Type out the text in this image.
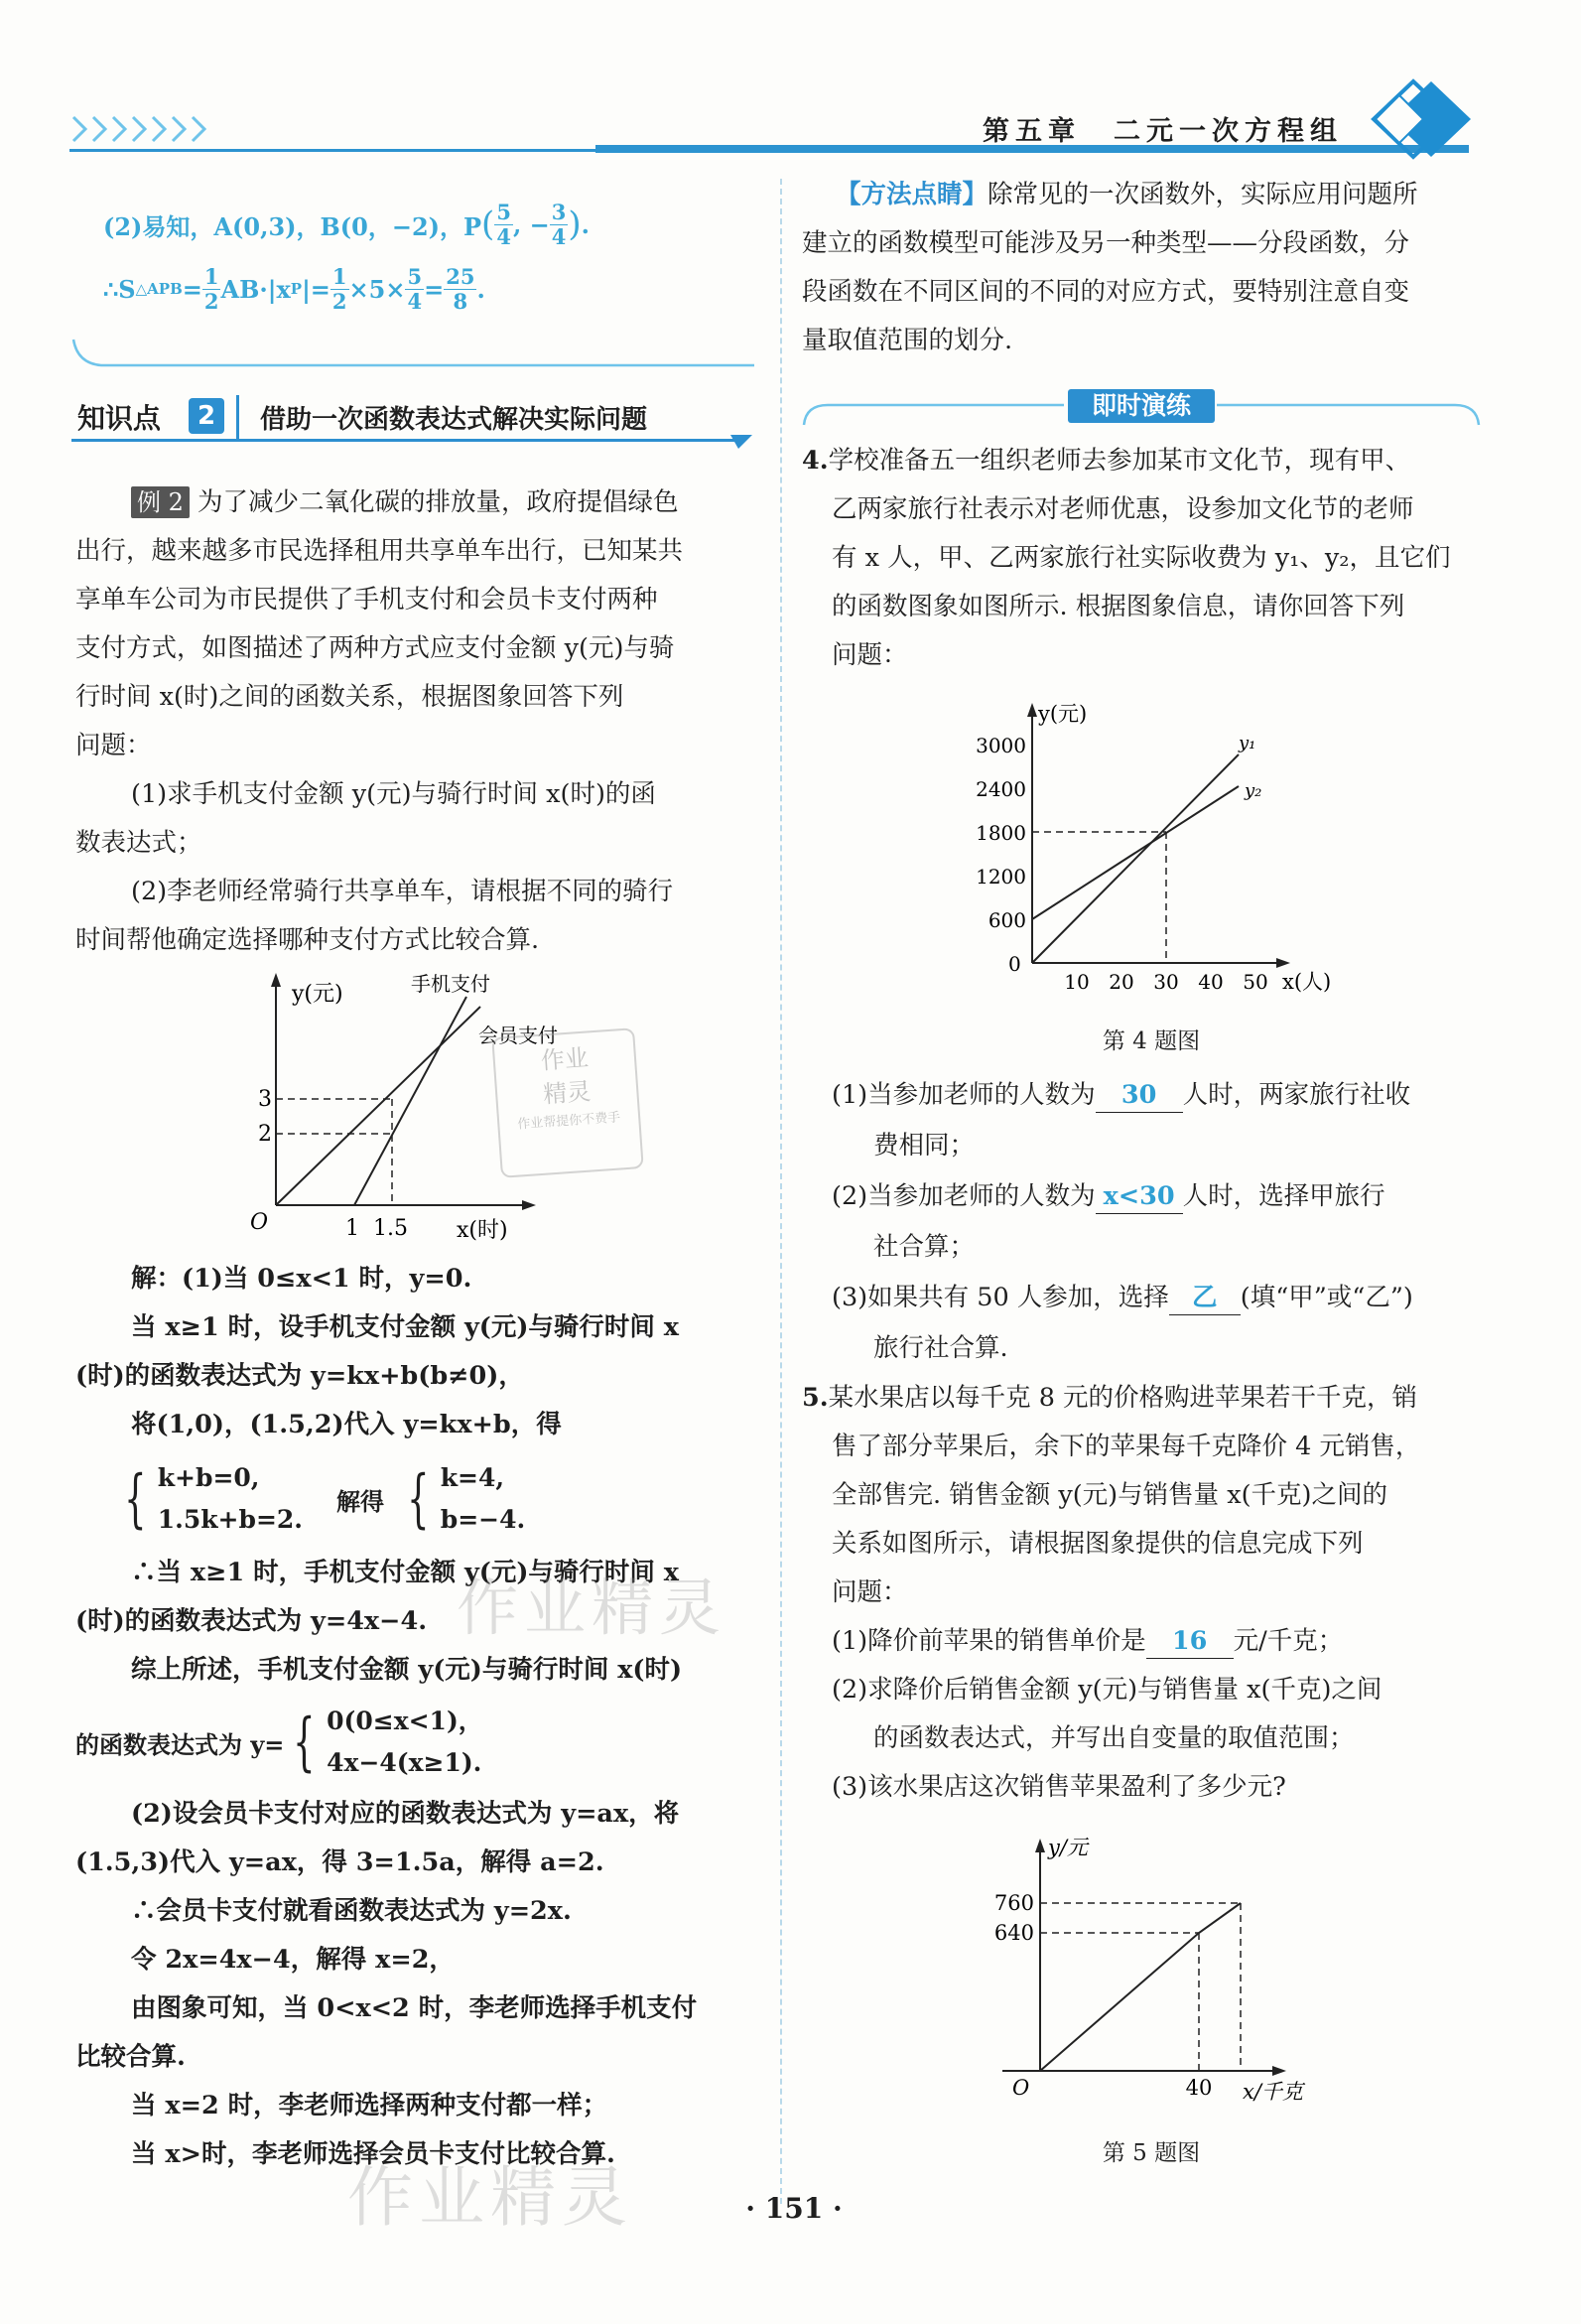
第五章　二元一次方程组
(2)易知，A(0,3)，B(0，−2)，P ( $\frac{5}{4}$ , − $\frac{3}{4}$ ) .
∴S △APB = $\frac{1}{2} AB\cdot|x$ P |= $\frac{1}{2} \times 5\times \frac{5}{4} = \frac{25}{8}$ .
知识点	2	借助一次函数表达式解决实际问题

例 2 为了减少二氧化碳的排放量，政府提倡绿色

出行，越来越多市民选择租用共享单车出行，已知某共

享单车公司为市民提供了手机支付和会员卡支付两种

支付方式，如图描述了两种方式应支付金额 y(元)与骑

行时间 x(时)之间的函数关系，根据图象回答下列

问题：

(1)求手机支付金额 y(元)与骑行时间 x(时)的函

数表达式；

(2)李老师经常骑行共享单车，请根据不同的骑行

时间帮他确定选择哪种支付方式比较合算.

y(元)
x(时)
O
3
2
1 1.5
手机支付
会员支付
作业
精灵
作业帮提你不费手

解：(1)当 0≤x<1 时，y=0.

当 x≥1 时，设手机支付金额 y(元)与骑行时间 x

(时)的函数表达式为 y=kx+b(b≠0)，

将(1,0)，(1.5,2)代入 y=kx+b，得

{ k+b=0,
1.5k+b=2.
解得 { k=4,
b=−4.

∴当 x≥1 时，手机支付金额 y(元)与骑行时间 x

(时)的函数表达式为 y=4x−4.

综上所述，手机支付金额 y(元)与骑行时间 x(时)

的函数表达式为 y= { 0(0≤x<1)，
4x−4(x≥1).

(2)设会员卡支付对应的函数表达式为 y=ax，将

(1.5,3)代入 y=ax，得 3=1.5a，解得 a=2.

∴会员卡支付就看函数表达式为 y=2x.

令 2x=4x−4，解得 x=2，

由图象可知，当 0<x<2 时，李老师选择手机支付

比较合算.

当 x=2 时，李老师选择两种支付都一样；

当 x>时，李老师选择会员卡支付比较合算.

作业精灵
作业精灵

【方法点睛】除常见的一次函数外，实际应用问题所

建立的函数模型可能涉及另一种类型——分段函数，分

段函数在不同区间的不同的对应方式，要特别注意自变

量取值范围的划分.

即时演练

4.学校准备五一组织老师去参加某市文化节，现有甲、

乙两家旅行社表示对老师优惠，设参加文化节的老师

有 x 人，甲、乙两家旅行社实际收费为 y₁、y₂，且它们

的函数图象如图所示. 根据图象信息，请你回答下列

问题：

y(元)
x(人)
0
3000
2400
1800
1200
600
10 20 30 40 50
y₁
y₂
第 4 题图
(1)当参加老师的人数为 30 人时，两家旅行社收
费相同；
(2)当参加老师的人数为 x<30 人时，选择甲旅行
社合算；
(3)如果共有 50 人参加，选择 乙 (填“甲”或“乙”)
旅行社合算.

5.某水果店以每千克 8 元的价格购进苹果若干千克，销

售了部分苹果后，余下的苹果每千克降价 4 元销售，

全部售完. 销售金额 y(元)与销售量 x(千克)之间的

关系如图所示，请根据图象提供的信息完成下列

问题：

(1)降价前苹果的销售单价是 16 元/千克；

(2)求降价后销售金额 y(元)与销售量 x(千克)之间

的函数表达式，并写出自变量的取值范围；

(3)该水果店这次销售苹果盈利了多少元?

y/元
x/千克
O
760
640
40
第 5 题图
· 151 ·
